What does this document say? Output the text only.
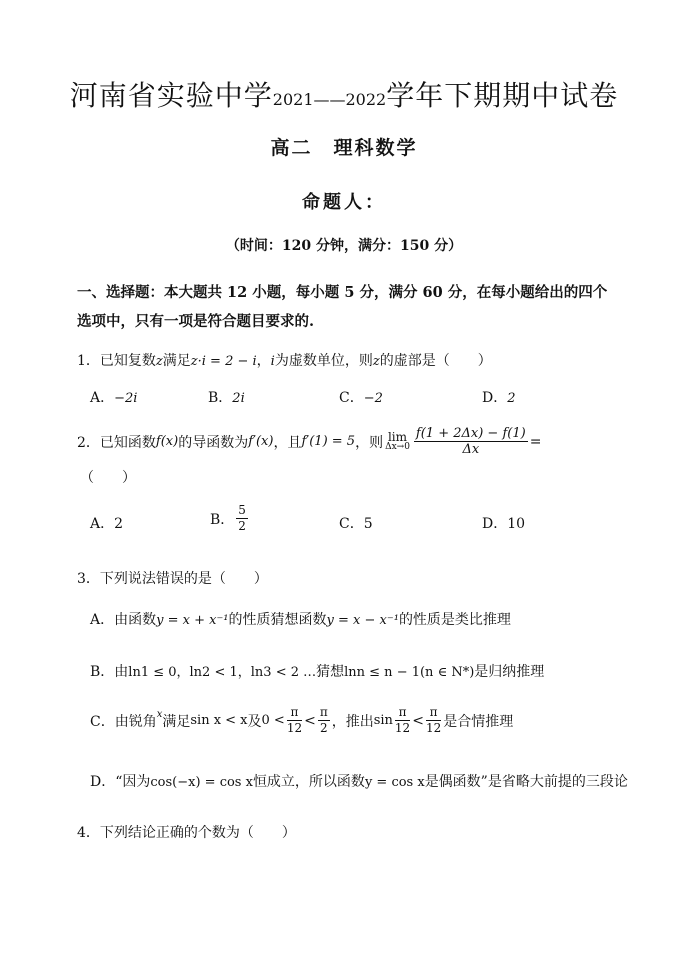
河南省实验中学2021——2022学年下期期中试卷
高二　理科数学
命题人：
（时间：120 分钟，满分：150 分）
一、选择题：本大题共 12 小题，每小题 5 分，满分 60 分，在每小题给出的四个选项中，只有一项是符合题目要求的.
1．已知复数z满足z·i = 2 − i，i为虚数单位，则z的虚部是（　　）
A．−2i	B．2i	C．−2	D．2
2．已知函数 f(x) 的导函数为 f′(x) ，且 f′(1) = 5 ，则 lim
$\Delta x\to 0 \frac{f(1 + 2\Delta x) - f(1)}{\Delta x}$ =
（　　）
A．2	B． $\frac{5}{2}$	C．5	D．10
3．下列说法错误的是（　　）
A．由函数y = x + x⁻¹的性质猜想函数y = x − x⁻¹的性质是类比推理
B．由ln1 ≤ 0，ln2 < 1，ln3 < 2 …猜想lnn ≤ n − 1(n ∈ N*)是归纳推理
C．由锐角 x 满足 sin x < x 及 $0 < \frac{\pi}{12} < \frac{\pi}{2}$ ，推出 $\sin \frac{\pi}{12} < \frac{\pi}{12}$ 是合情推理
D．“因为cos(−x) = cos x恒成立，所以函数y = cos x是偶函数”是省略大前提的三段论
4．下列结论正确的个数为（　　）
